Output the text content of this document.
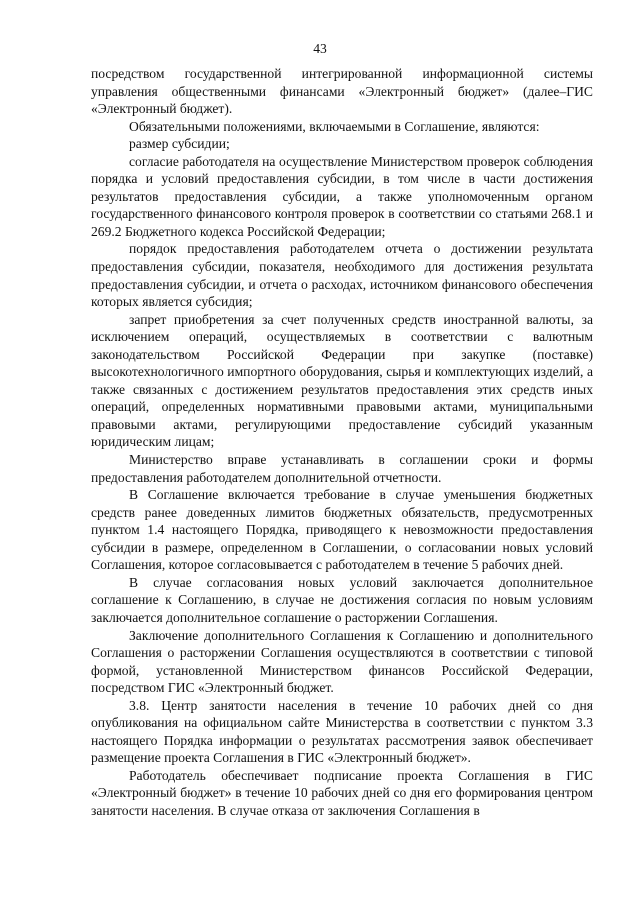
43

посредством государственной интегрированной информационной системы управления общественными финансами «Электронный бюджет» (далее–ГИС «Электронный бюджет).

Обязательными положениями, включаемыми в Соглашение, являются:

размер субсидии;

согласие работодателя на осуществление Министерством проверок соблюдения порядка и условий предоставления субсидии, в том числе в части достижения результатов предоставления субсидии, а также уполномоченным органом государственного финансового контроля проверок в соответствии со статьями 268.1 и 269.2 Бюджетного кодекса Российской Федерации;

порядок предоставления работодателем отчета о достижении результата предоставления субсидии, показателя, необходимого для достижения результата предоставления субсидии, и отчета о расходах, источником финансового обеспечения которых является субсидия;

запрет приобретения за счет полученных средств иностранной валюты, за исключением операций, осуществляемых в соответствии с валютным законодательством Российской Федерации при закупке (поставке) высокотехнологичного импортного оборудования, сырья и комплектующих изделий, а также связанных с достижением результатов предоставления этих средств иных операций, определенных нормативными правовыми актами, муниципальными правовыми актами, регулирующими предоставление субсидий указанным юридическим лицам;

Министерство вправе устанавливать в соглашении сроки и формы предоставления работодателем дополнительной отчетности.

В Соглашение включается требование в случае уменьшения бюджетных средств ранее доведенных лимитов бюджетных обязательств, предусмотренных пунктом 1.4 настоящего Порядка, приводящего к невозможности предоставления субсидии в размере, определенном в Соглашении, о согласовании новых условий Соглашения, которое согласовывается с работодателем в течение 5 рабочих дней.

В случае согласования новых условий заключается дополнительное соглашение к Соглашению, в случае не достижения согласия по новым условиям заключается дополнительное соглашение о расторжении Соглашения.

Заключение дополнительного Соглашения к Соглашению и дополнительного Соглашения о расторжении Соглашения осуществляются в соответствии с типовой формой, установленной Министерством финансов Российской Федерации, посредством ГИС «Электронный бюджет.

3.8. Центр занятости населения в течение 10 рабочих дней со дня опубликования на официальном сайте Министерства в соответствии с пунктом 3.3 настоящего Порядка информации о результатах рассмотрения заявок обеспечивает размещение проекта Соглашения в ГИС «Электронный бюджет».

Работодатель обеспечивает подписание проекта Соглашения в ГИС «Электронный бюджет» в течение 10 рабочих дней со дня его формирования центром занятости населения. В случае отказа от заключения Соглашения в
